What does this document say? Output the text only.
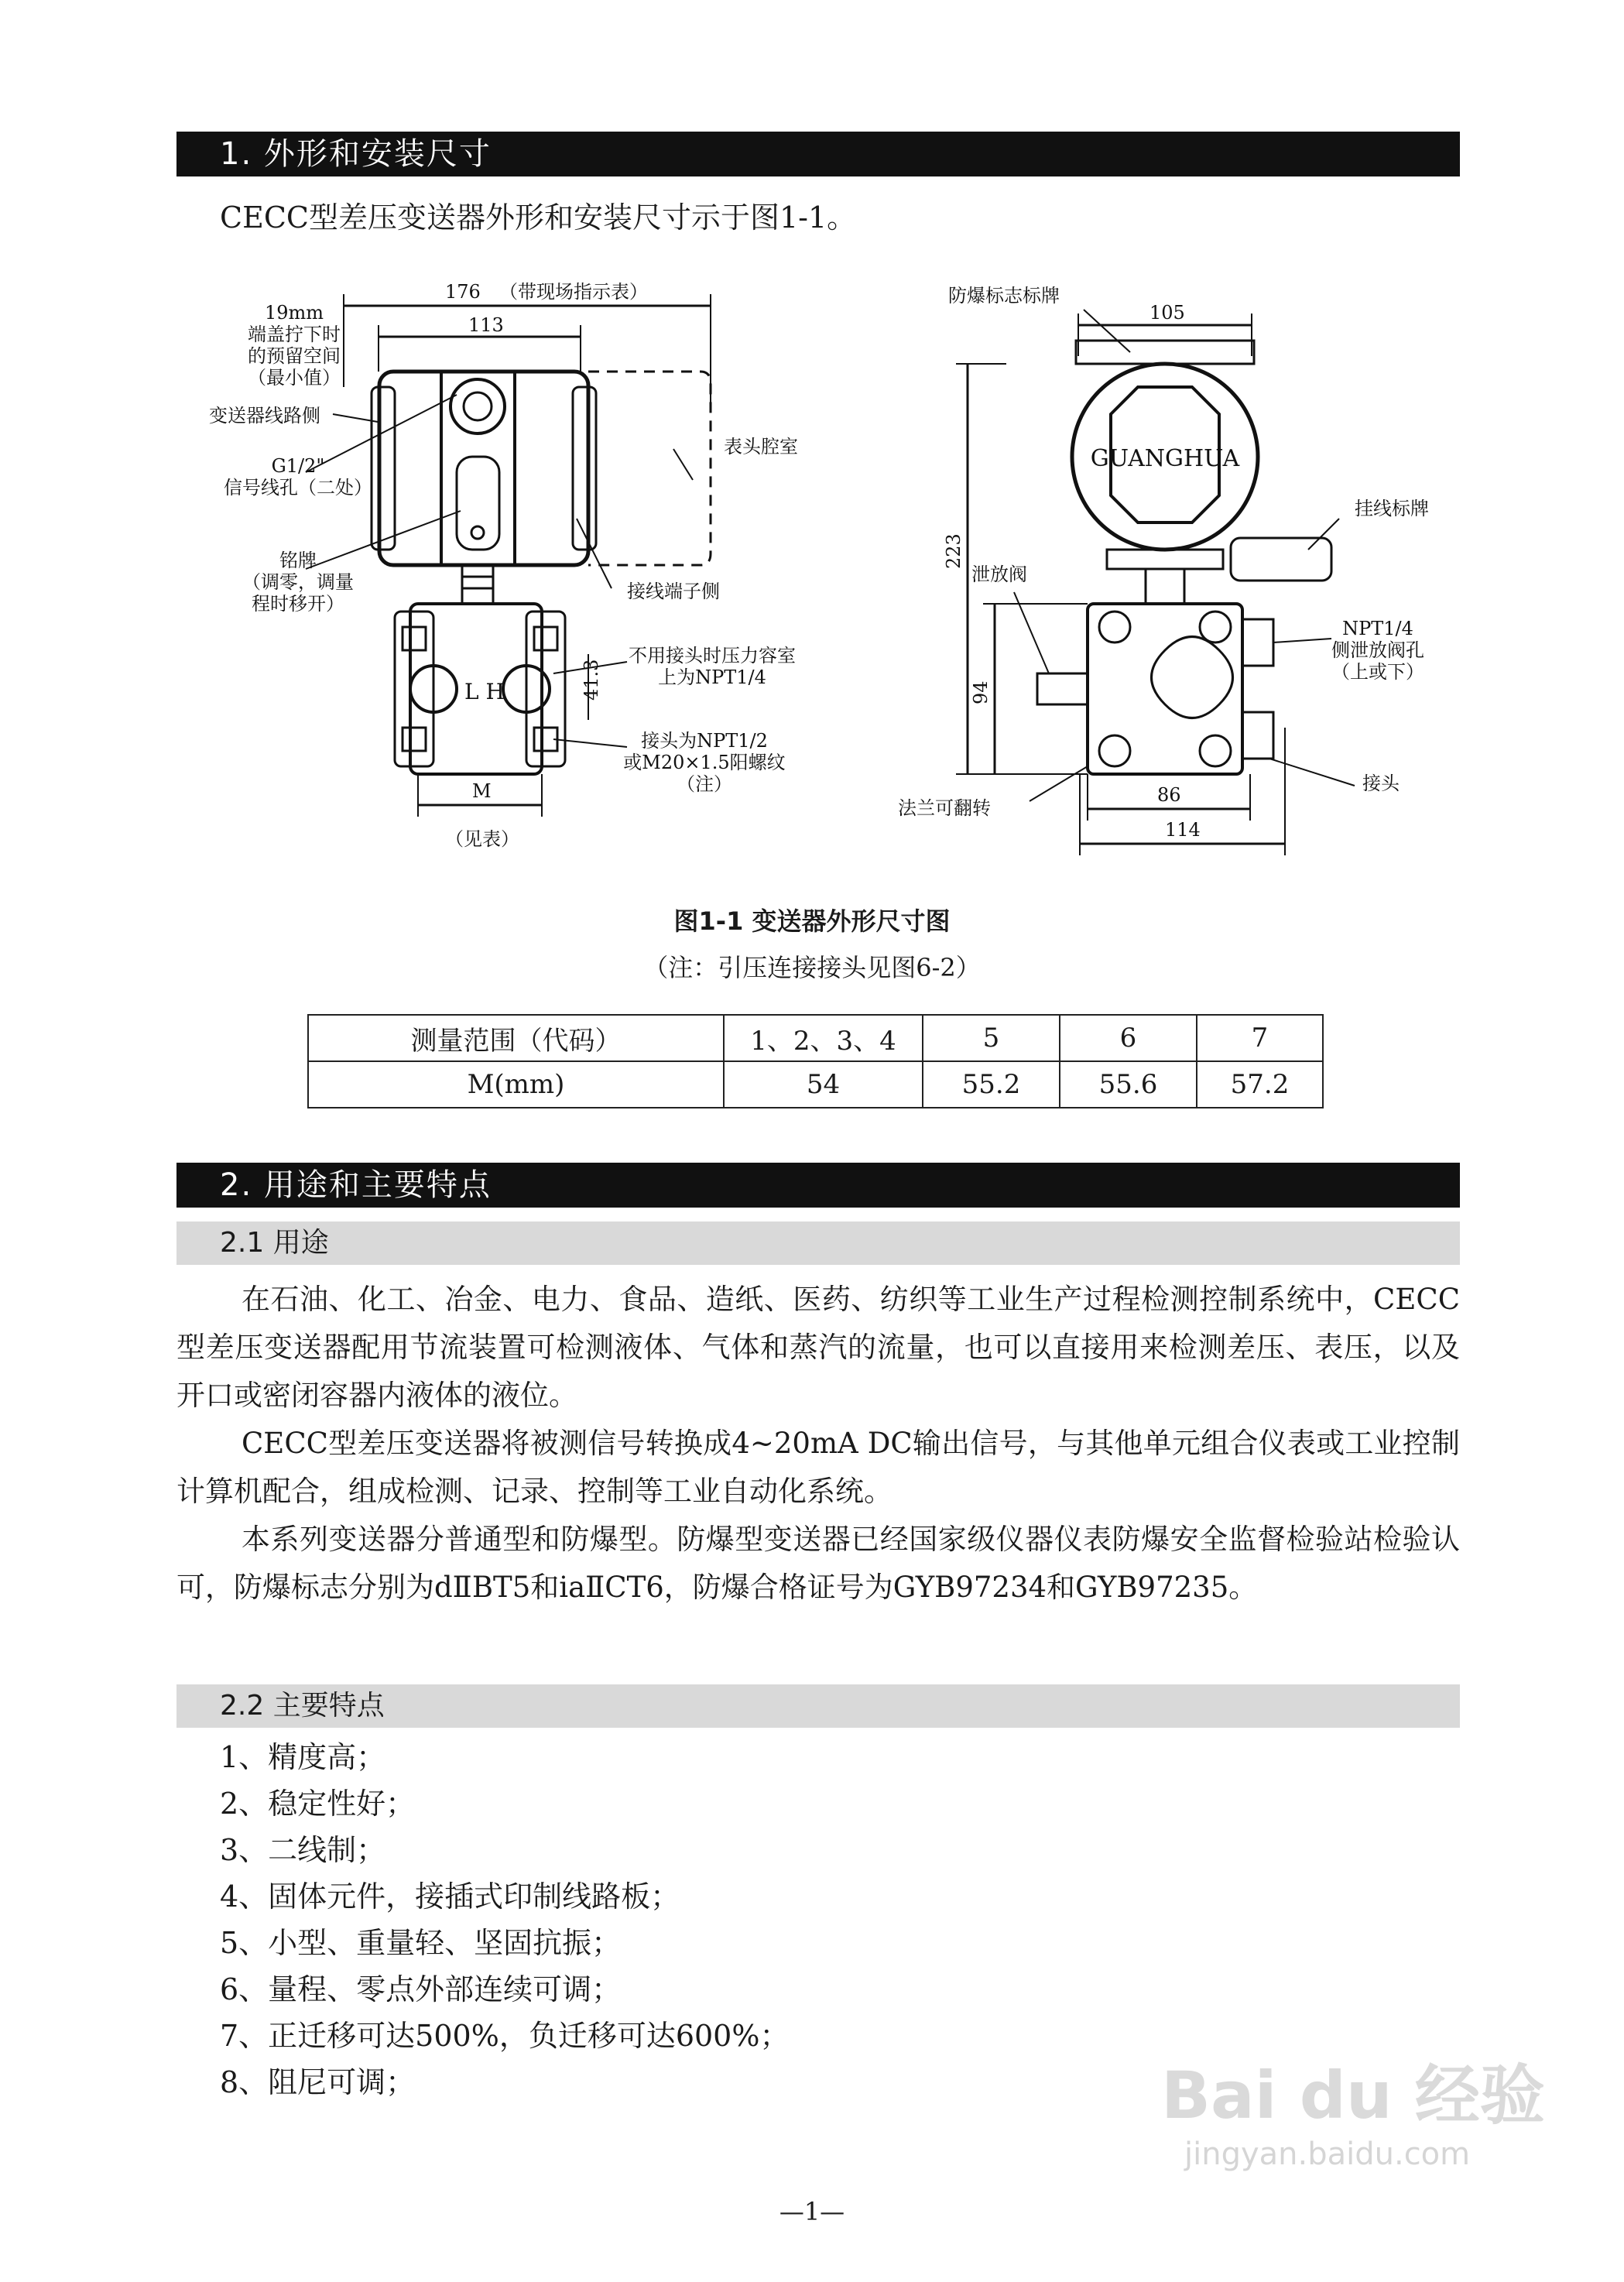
1. 外形和安装尺寸
CECC型差压变送器外形和安装尺寸示于图1-1。
176 （带现场指示表）
113
19mm
端盖拧下时
的预留空间
（最小值）
变送器线路侧
G1/2"
信号线孔（二处）
铭牌
（调零，调量
程时移开）
表头腔室
接线端子侧
不用接头时压力容室
上为NPT1/4
接头为NPT1/2
或M20×1.5阳螺纹
（注）
41.3
L H
M
（见表）
防爆标志标牌
105
GUANGHUA
挂线标牌
223
泄放阀
NPT1/4
侧泄放阀孔
（上或下）
94
接头
法兰可翻转
86
114
图1-1 变送器外形尺寸图
（注：引压连接接头见图6-2）
测量范围（代码）	1、2、3、4	5	6	7
M(mm)	54	55.2	55.6	57.2
2. 用途和主要特点
2.1 用途

在石油、化工、冶金、电力、食品、造纸、医药、纺织等工业生产过程检测控制系统中，CECC型差压变送器配用节流装置可检测液体、气体和蒸汽的流量，也可以直接用来检测差压、表压，以及开口或密闭容器内液体的液位。

CECC型差压变送器将被测信号转换成4~20mA DC输出信号，与其他单元组合仪表或工业控制计算机配合，组成检测、记录、控制等工业自动化系统。

本系列变送器分普通型和防爆型。防爆型变送器已经国家级仪器仪表防爆安全监督检验站检验认可，防爆标志分别为dⅡBT5和iaⅡCT6，防爆合格证号为GYB97234和GYB97235。

2.2 主要特点
1、精度高；
2、稳定性好；
3、二线制；
4、固体元件，接插式印制线路板；
5、小型、重量轻、坚固抗振；
6、量程、零点外部连续可调；
7、正迁移可达500%，负迁移可达600%；
8、阻尼可调；	Bai du 经验
jingyan.baidu.com
—1—
